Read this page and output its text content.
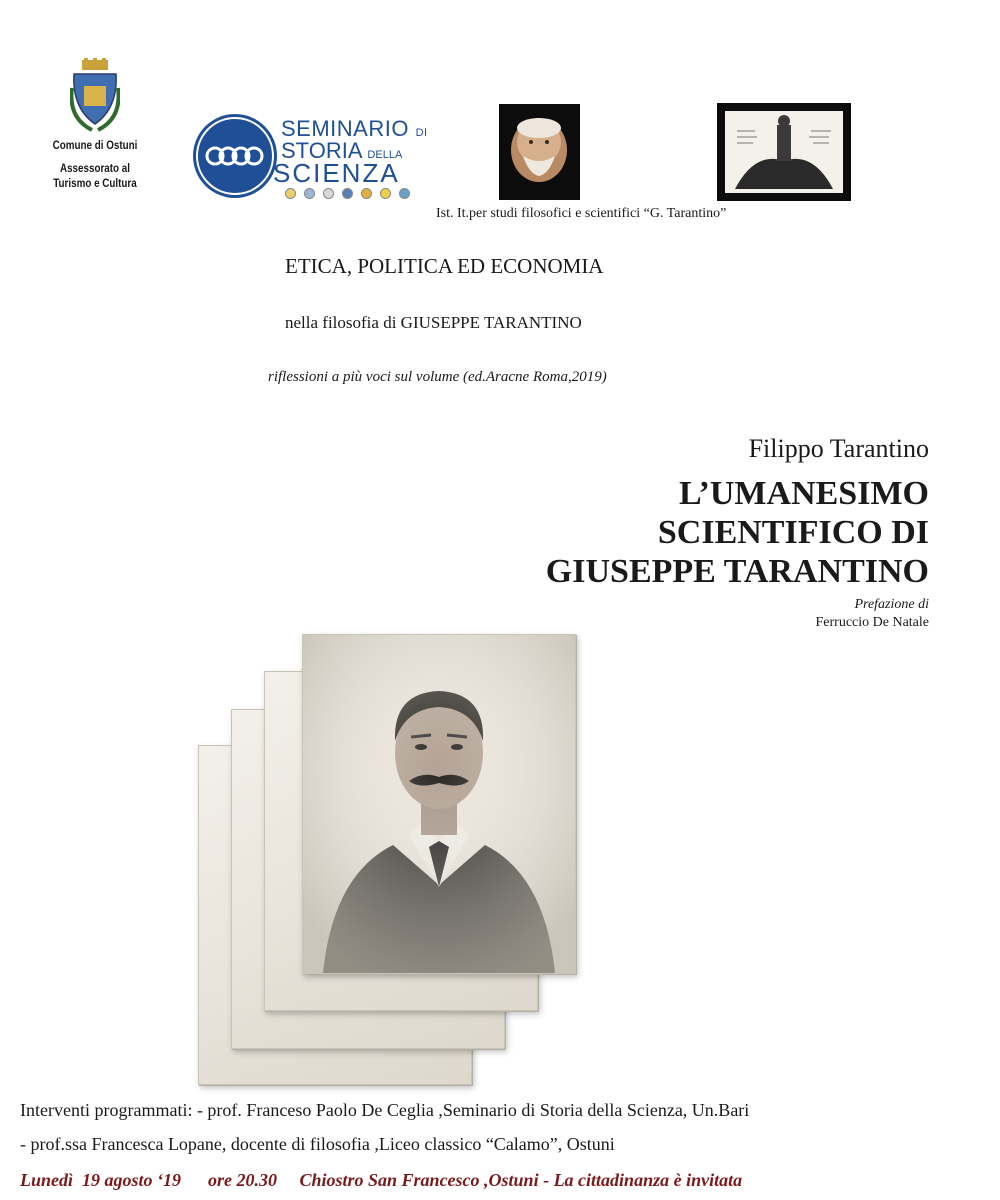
Comune di Ostuni
Assessorato al
Turismo e Cultura
SEMINARIO DI
STORIA DELLA
SCIENZA
Ist. It.per studi filosofici e scientifici “G. Tarantino”
ETICA, POLITICA ED ECONOMIA
nella filosofia di GIUSEPPE TARANTINO
riflessioni a più voci sul volume (ed.Aracne Roma,2019)
Filippo Tarantino
L’UMANESIMO
SCIENTIFICO DI
GIUSEPPE TARANTINO
Prefazione di
Ferruccio De Natale
Interventi programmati: - prof. Franceso Paolo De Ceglia ,Seminario di Storia della Scienza, Un.Bari
- prof.ssa Francesca Lopane, docente di filosofia ,Liceo classico “Calamo”, Ostuni
Lunedì  19 agosto ‘19      ore 20.30     Chiostro San Francesco ,Ostuni - La cittadinanza è invitata
